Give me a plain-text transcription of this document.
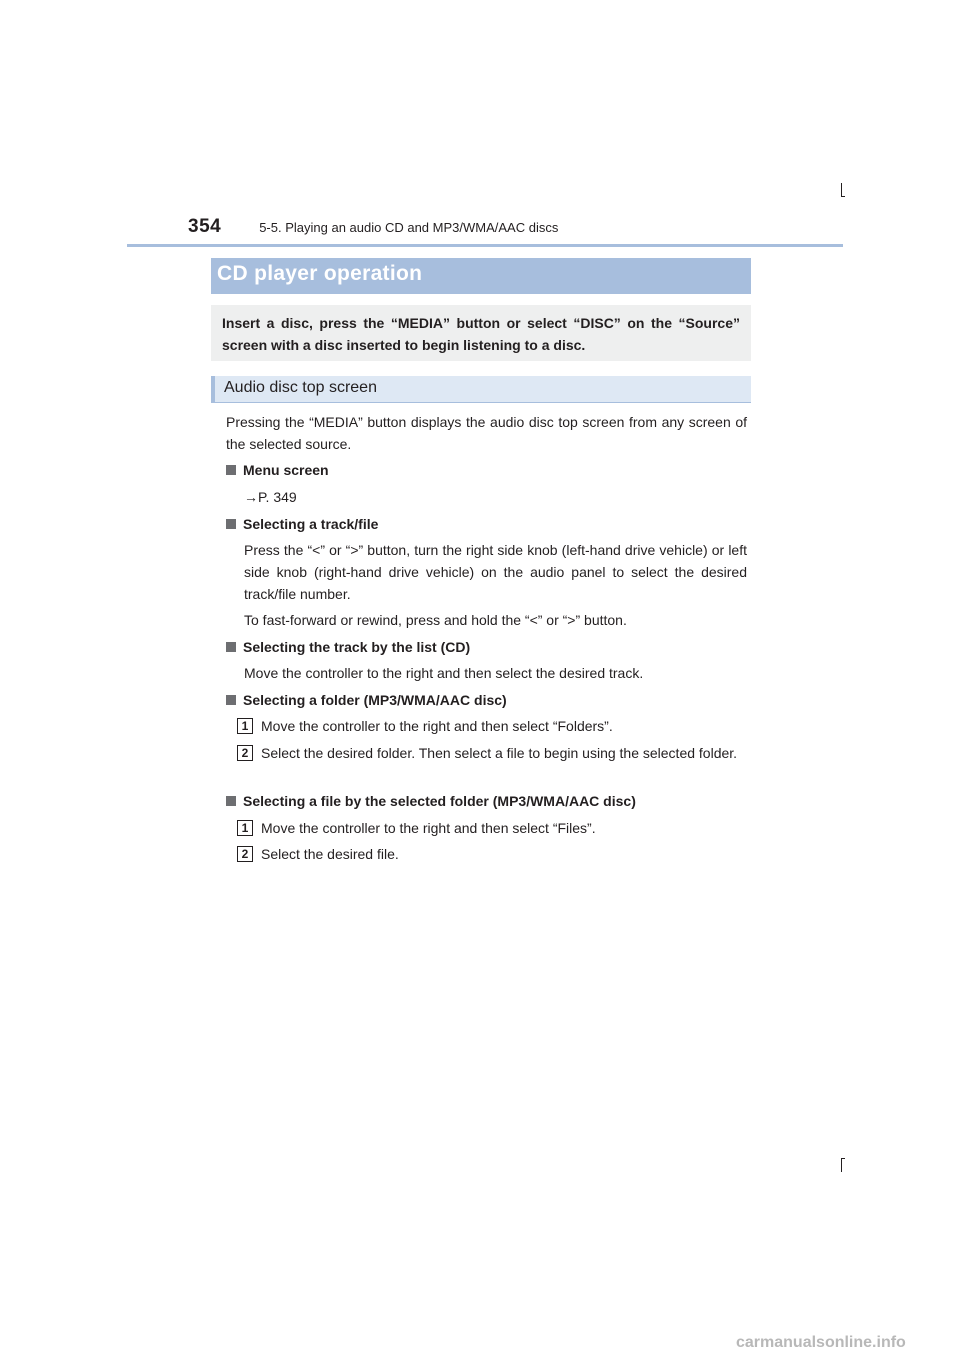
354	5-5. Playing an audio CD and MP3/WMA/AAC discs
CD player operation

Insert a disc, press the “MEDIA” button or select “DISC” on the “Source” screen with a disc inserted to begin listening to a disc.

Audio disc top screen

Pressing the “MEDIA” button displays the audio disc top screen from any screen of the selected source.

Menu screen

→P. 349

Selecting a track/file

Press the “<” or “>” button, turn the right side knob (left-hand drive vehicle) or left side knob (right-hand drive vehicle) on the audio panel to select the desired track/file number.

To fast-forward or rewind, press and hold the “<” or “>” button.

Selecting the track by the list (CD)

Move the controller to the right and then select the desired track.

Selecting a folder (MP3/WMA/AAC disc)
1 Move the controller to the right and then select “Folders”.
2 Select the desired folder. Then select a file to begin using the selected folder.
Selecting a file by the selected folder (MP3/WMA/AAC disc)
1 Move the controller to the right and then select “Files”.
2 Select the desired file.
carmanualsonline.info
